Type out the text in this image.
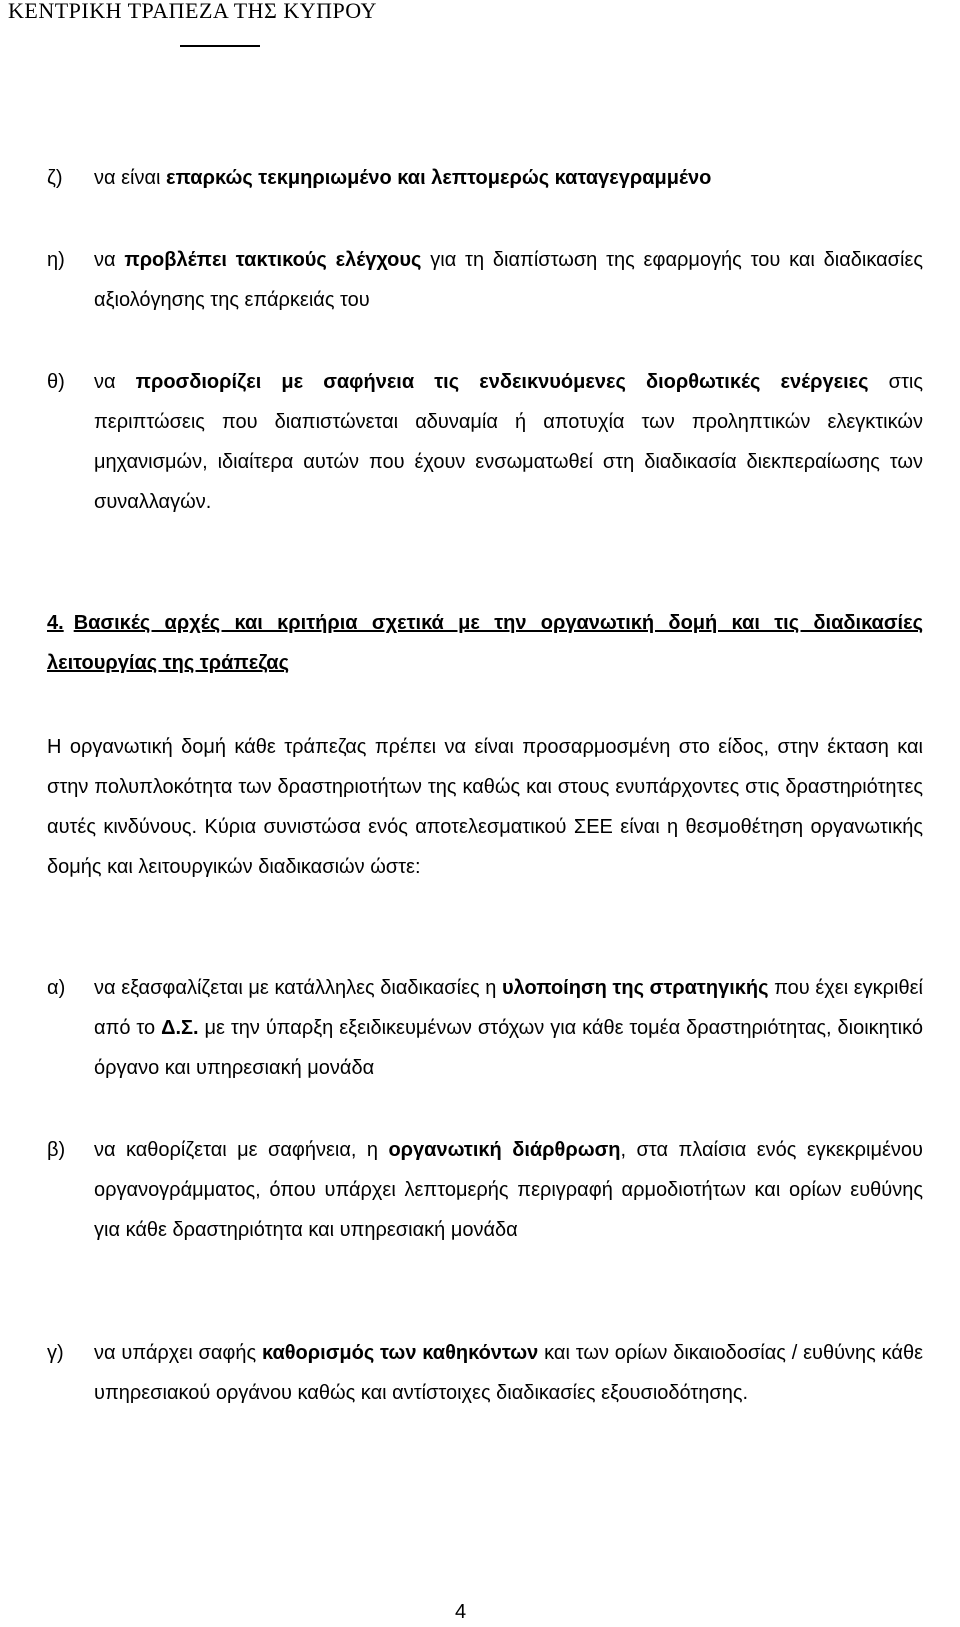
ΚΕΝΤΡΙΚΗ ΤΡΑΠΕΖΑ ΤΗΣ ΚΥΠΡΟΥ
ζ) να είναι επαρκώς τεκμηριωμένο και λεπτομερώς καταγεγραμμένο
η) να προβλέπει τακτικούς ελέγχους για τη διαπίστωση της εφαρμογής του και διαδικασίες αξιολόγησης της επάρκειάς του
θ) να προσδιορίζει με σαφήνεια τις ενδεικνυόμενες διορθωτικές ενέργειες στις περιπτώσεις που διαπιστώνεται αδυναμία ή αποτυχία των προληπτικών ελεγκτικών μηχανισμών, ιδιαίτερα αυτών που έχουν ενσωματωθεί στη διαδικασία διεκπεραίωσης των συναλλαγών.
4. Βασικές αρχές και κριτήρια σχετικά με την οργανωτική δομή και τις διαδικασίες λειτουργίας της τράπεζας
Η οργανωτική δομή κάθε τράπεζας πρέπει να είναι προσαρμοσμένη στο είδος, στην έκταση και στην πολυπλοκότητα των δραστηριοτήτων της καθώς και στους ενυπάρχοντες στις δραστηριότητες αυτές κινδύνους. Κύρια συνιστώσα ενός αποτελεσματικού ΣΕΕ είναι η θεσμοθέτηση οργανωτικής δομής και λειτουργικών διαδικασιών ώστε:
α) να εξασφαλίζεται με κατάλληλες διαδικασίες η υλοποίηση της στρατηγικής που έχει εγκριθεί από το Δ.Σ. με την ύπαρξη εξειδικευμένων στόχων για κάθε τομέα δραστηριότητας, διοικητικό όργανο και υπηρεσιακή μονάδα
β) να καθορίζεται με σαφήνεια, η οργανωτική διάρθρωση, στα πλαίσια ενός εγκεκριμένου οργανογράμματος, όπου υπάρχει λεπτομερής περιγραφή αρμοδιοτήτων και ορίων ευθύνης για κάθε δραστηριότητα και υπηρεσιακή μονάδα
γ) να υπάρχει σαφής καθορισμός των καθηκόντων και των ορίων δικαιοδοσίας / ευθύνης κάθε υπηρεσιακού οργάνου καθώς και αντίστοιχες διαδικασίες εξουσιοδότησης.
4
